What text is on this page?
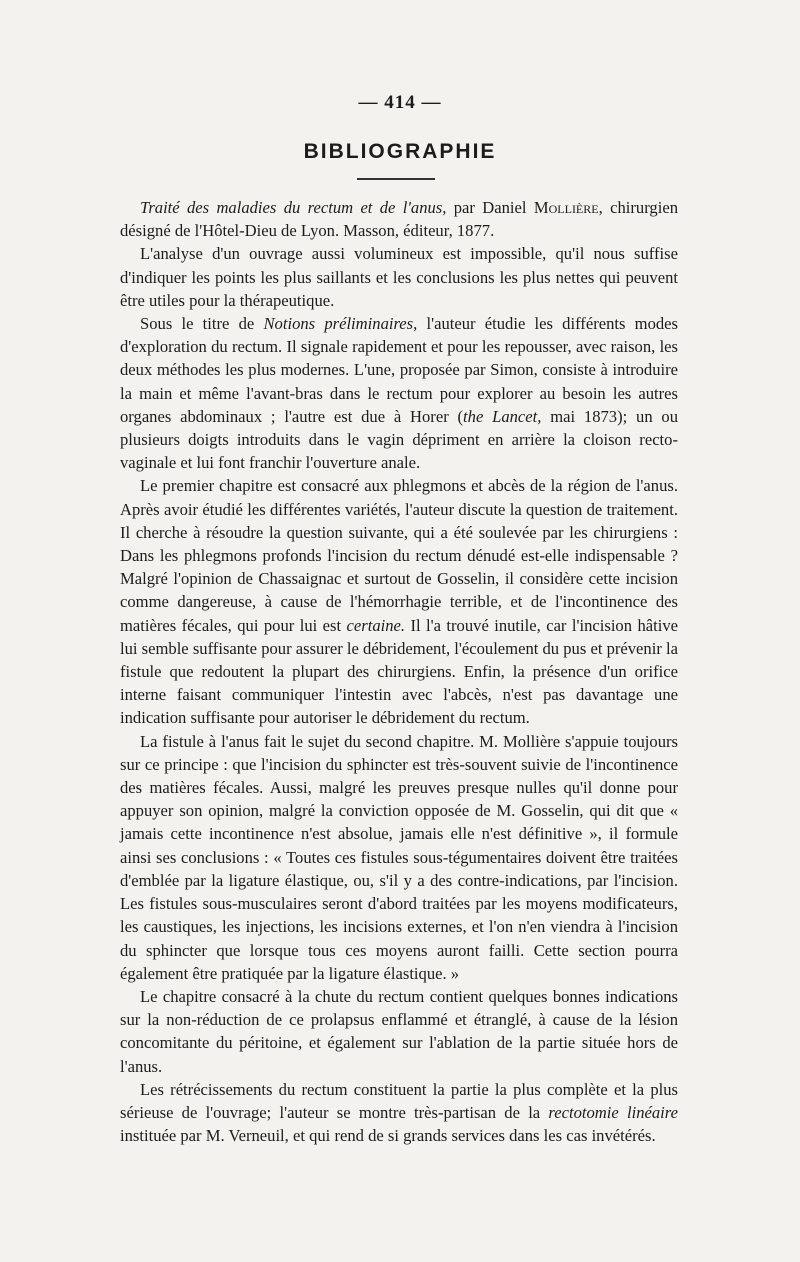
— 414 —
BIBLIOGRAPHIE

Traité des maladies du rectum et de l'anus, par Daniel Mollière, chirurgien désigné de l'Hôtel-Dieu de Lyon. Masson, éditeur, 1877.

L'analyse d'un ouvrage aussi volumineux est impossible, qu'il nous suffise d'indiquer les points les plus saillants et les conclusions les plus nettes qui peuvent être utiles pour la thérapeutique.

Sous le titre de Notions préliminaires, l'auteur étudie les différents modes d'exploration du rectum. Il signale rapidement et pour les repousser, avec raison, les deux méthodes les plus modernes. L'une, proposée par Simon, consiste à introduire la main et même l'avant-bras dans le rectum pour explorer au besoin les autres organes abdominaux ; l'autre est due à Horer (the Lancet, mai 1873); un ou plusieurs doigts introduits dans le vagin dépriment en arrière la cloison recto-vaginale et lui font franchir l'ouverture anale.

Le premier chapitre est consacré aux phlegmons et abcès de la région de l'anus. Après avoir étudié les différentes variétés, l'auteur discute la question de traitement. Il cherche à résoudre la question suivante, qui a été soulevée par les chirurgiens : Dans les phlegmons profonds l'incision du rectum dénudé est-elle indispensable ? Malgré l'opinion de Chassaignac et surtout de Gosselin, il considère cette incision comme dangereuse, à cause de l'hémorrhagie terrible, et de l'incontinence des matières fécales, qui pour lui est certaine. Il l'a trouvé inutile, car l'incision hâtive lui semble suffisante pour assurer le débridement, l'écoulement du pus et prévenir la fistule que redoutent la plupart des chirurgiens. Enfin, la présence d'un orifice interne faisant communiquer l'intestin avec l'abcès, n'est pas davantage une indication suffisante pour autoriser le débridement du rectum.

La fistule à l'anus fait le sujet du second chapitre. M. Mollière s'appuie toujours sur ce principe : que l'incision du sphincter est très-souvent suivie de l'incontinence des matières fécales. Aussi, malgré les preuves presque nulles qu'il donne pour appuyer son opinion, malgré la conviction opposée de M. Gosselin, qui dit que « jamais cette incontinence n'est absolue, jamais elle n'est définitive », il formule ainsi ses conclusions : « Toutes ces fistules sous-tégumentaires doivent être traitées d'emblée par la ligature élastique, ou, s'il y a des contre-indications, par l'incision. Les fistules sous-musculaires seront d'abord traitées par les moyens modificateurs, les caustiques, les injections, les incisions externes, et l'on n'en viendra à l'incision du sphincter que lorsque tous ces moyens auront failli. Cette section pourra également être pratiquée par la ligature élastique. »

Le chapitre consacré à la chute du rectum contient quelques bonnes indications sur la non-réduction de ce prolapsus enflammé et étranglé, à cause de la lésion concomitante du péritoine, et également sur l'ablation de la partie située hors de l'anus.

Les rétrécissements du rectum constituent la partie la plus complète et la plus sérieuse de l'ouvrage; l'auteur se montre très-partisan de la rectotomie linéaire instituée par M. Verneuil, et qui rend de si grands services dans les cas invétérés.
